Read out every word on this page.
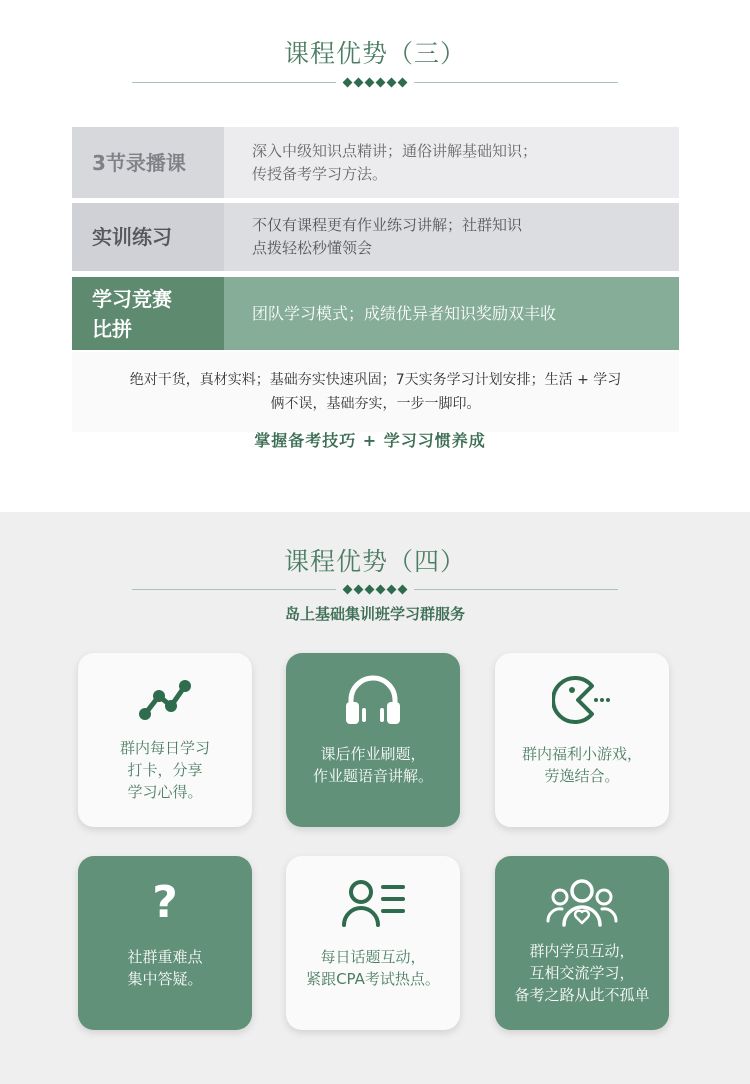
课程优势（三）
3节录播课	深入中级知识点精讲；通俗讲解基础知识；
传授备考学习方法。
实训练习	不仅有课程更有作业练习讲解；社群知识
点拨轻松秒懂领会
学习竞赛
比拼
团队学习模式；成绩优异者知识奖励双丰收
绝对干货，真材实料；基础夯实快速巩固；7天实务学习计划安排；生活 + 学习
俩不误，基础夯实，一步一脚印。
掌握备考技巧 + 学习习惯养成
课程优势（四）
岛上基础集训班学习群服务
群内每日学习
打卡，分享
学习心得。
课后作业刷题，
作业题语音讲解。
群内福利小游戏，
劳逸结合。
?
社群重难点
集中答疑。
每日话题互动，
紧跟CPA考试热点。
群内学员互动，
互相交流学习，
备考之路从此不孤单
